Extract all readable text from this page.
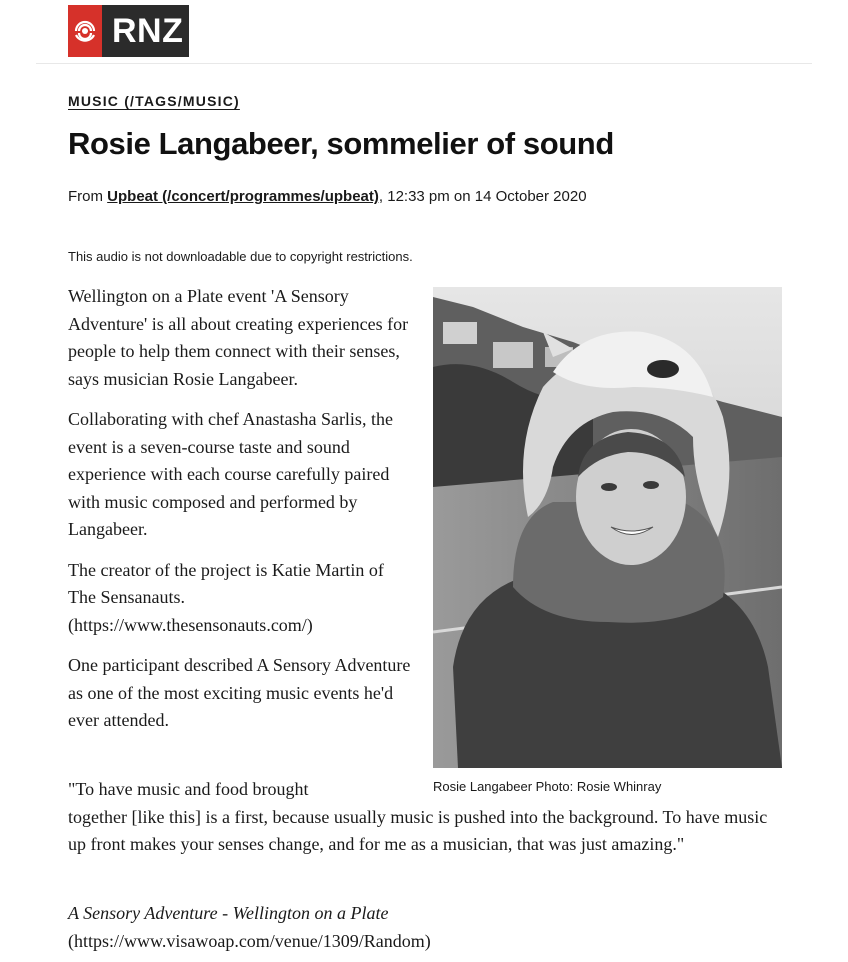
RNZ
MUSIC (/TAGS/MUSIC)
Rosie Langabeer, sommelier of sound
From Upbeat (/concert/programmes/upbeat), 12:33 pm on 14 October 2020
This audio is not downloadable due to copyright restrictions.

Wellington on a Plate event 'A Sensory Adventure' is all about creating experiences for people to help them connect with their senses, says musician Rosie Langabeer.

Collaborating with chef Anastasha Sarlis, the event is a seven-course taste and sound experience with each course carefully paired with music composed and performed by Langabeer.

The creator of the project is Katie Martin of The Sensanauts. (https://www.thesensonauts.com/)

One participant described A Sensory Adventure as one of the most exciting music events he'd ever attended.

Rosie Langabeer Photo: Rosie Whinray
"To have music and food brought
together [like this] is a first, because usually music is pushed into the background. To have music up front makes your senses change, and for me as a musician, that was just amazing."
A Sensory Adventure - Wellington on a Plate
(https://www.visawoap.com/venue/1309/Random)
